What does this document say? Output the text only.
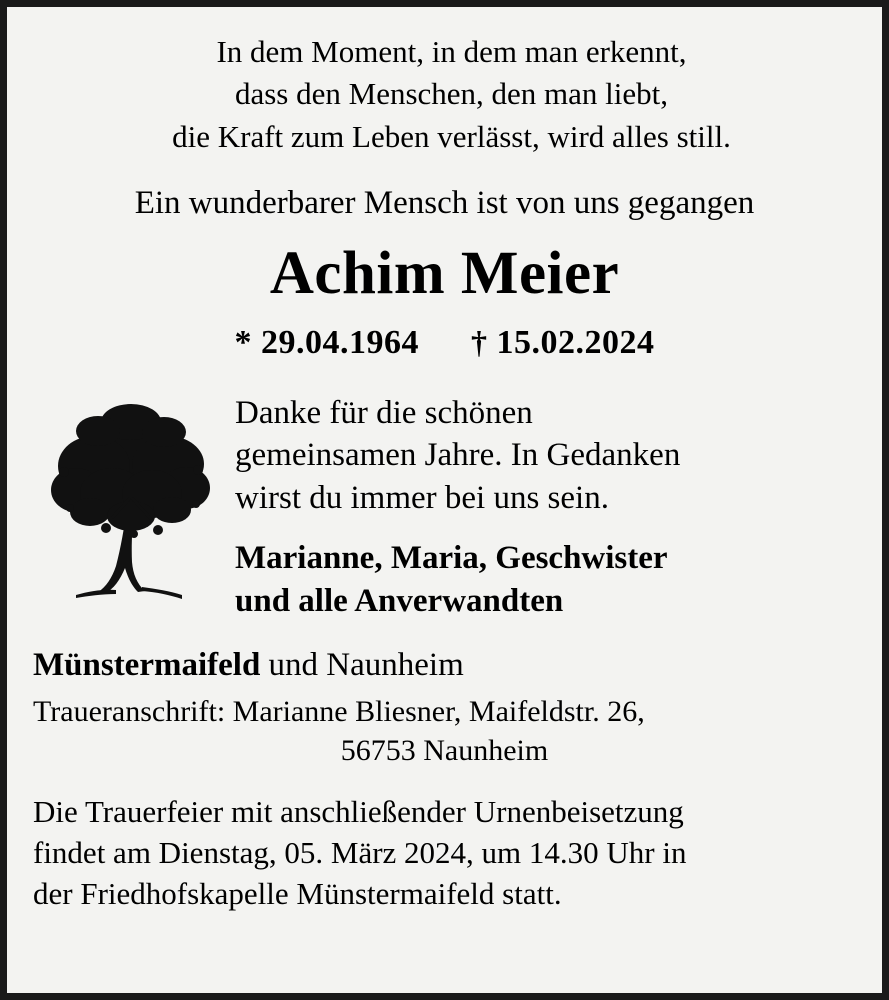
In dem Moment, in dem man erkennt,
dass den Menschen, den man liebt,
die Kraft zum Leben verlässt, wird alles still.
Ein wunderbarer Mensch ist von uns gegangen
Achim Meier
* 29.04.1964 † 15.02.2024
Danke für die schönen
gemeinsamen Jahre. In Gedanken
wirst du immer bei uns sein.
Marianne, Maria, Geschwister
und alle Anverwandten
Münstermaifeld und Naunheim
Traueranschrift: Marianne Bliesner, Maifeldstr. 26,
56753 Naunheim
Die Trauerfeier mit anschließender Urnenbeisetzung
findet am Dienstag, 05. März 2024, um 14.30 Uhr in
der Friedhofskapelle Münstermaifeld statt.
